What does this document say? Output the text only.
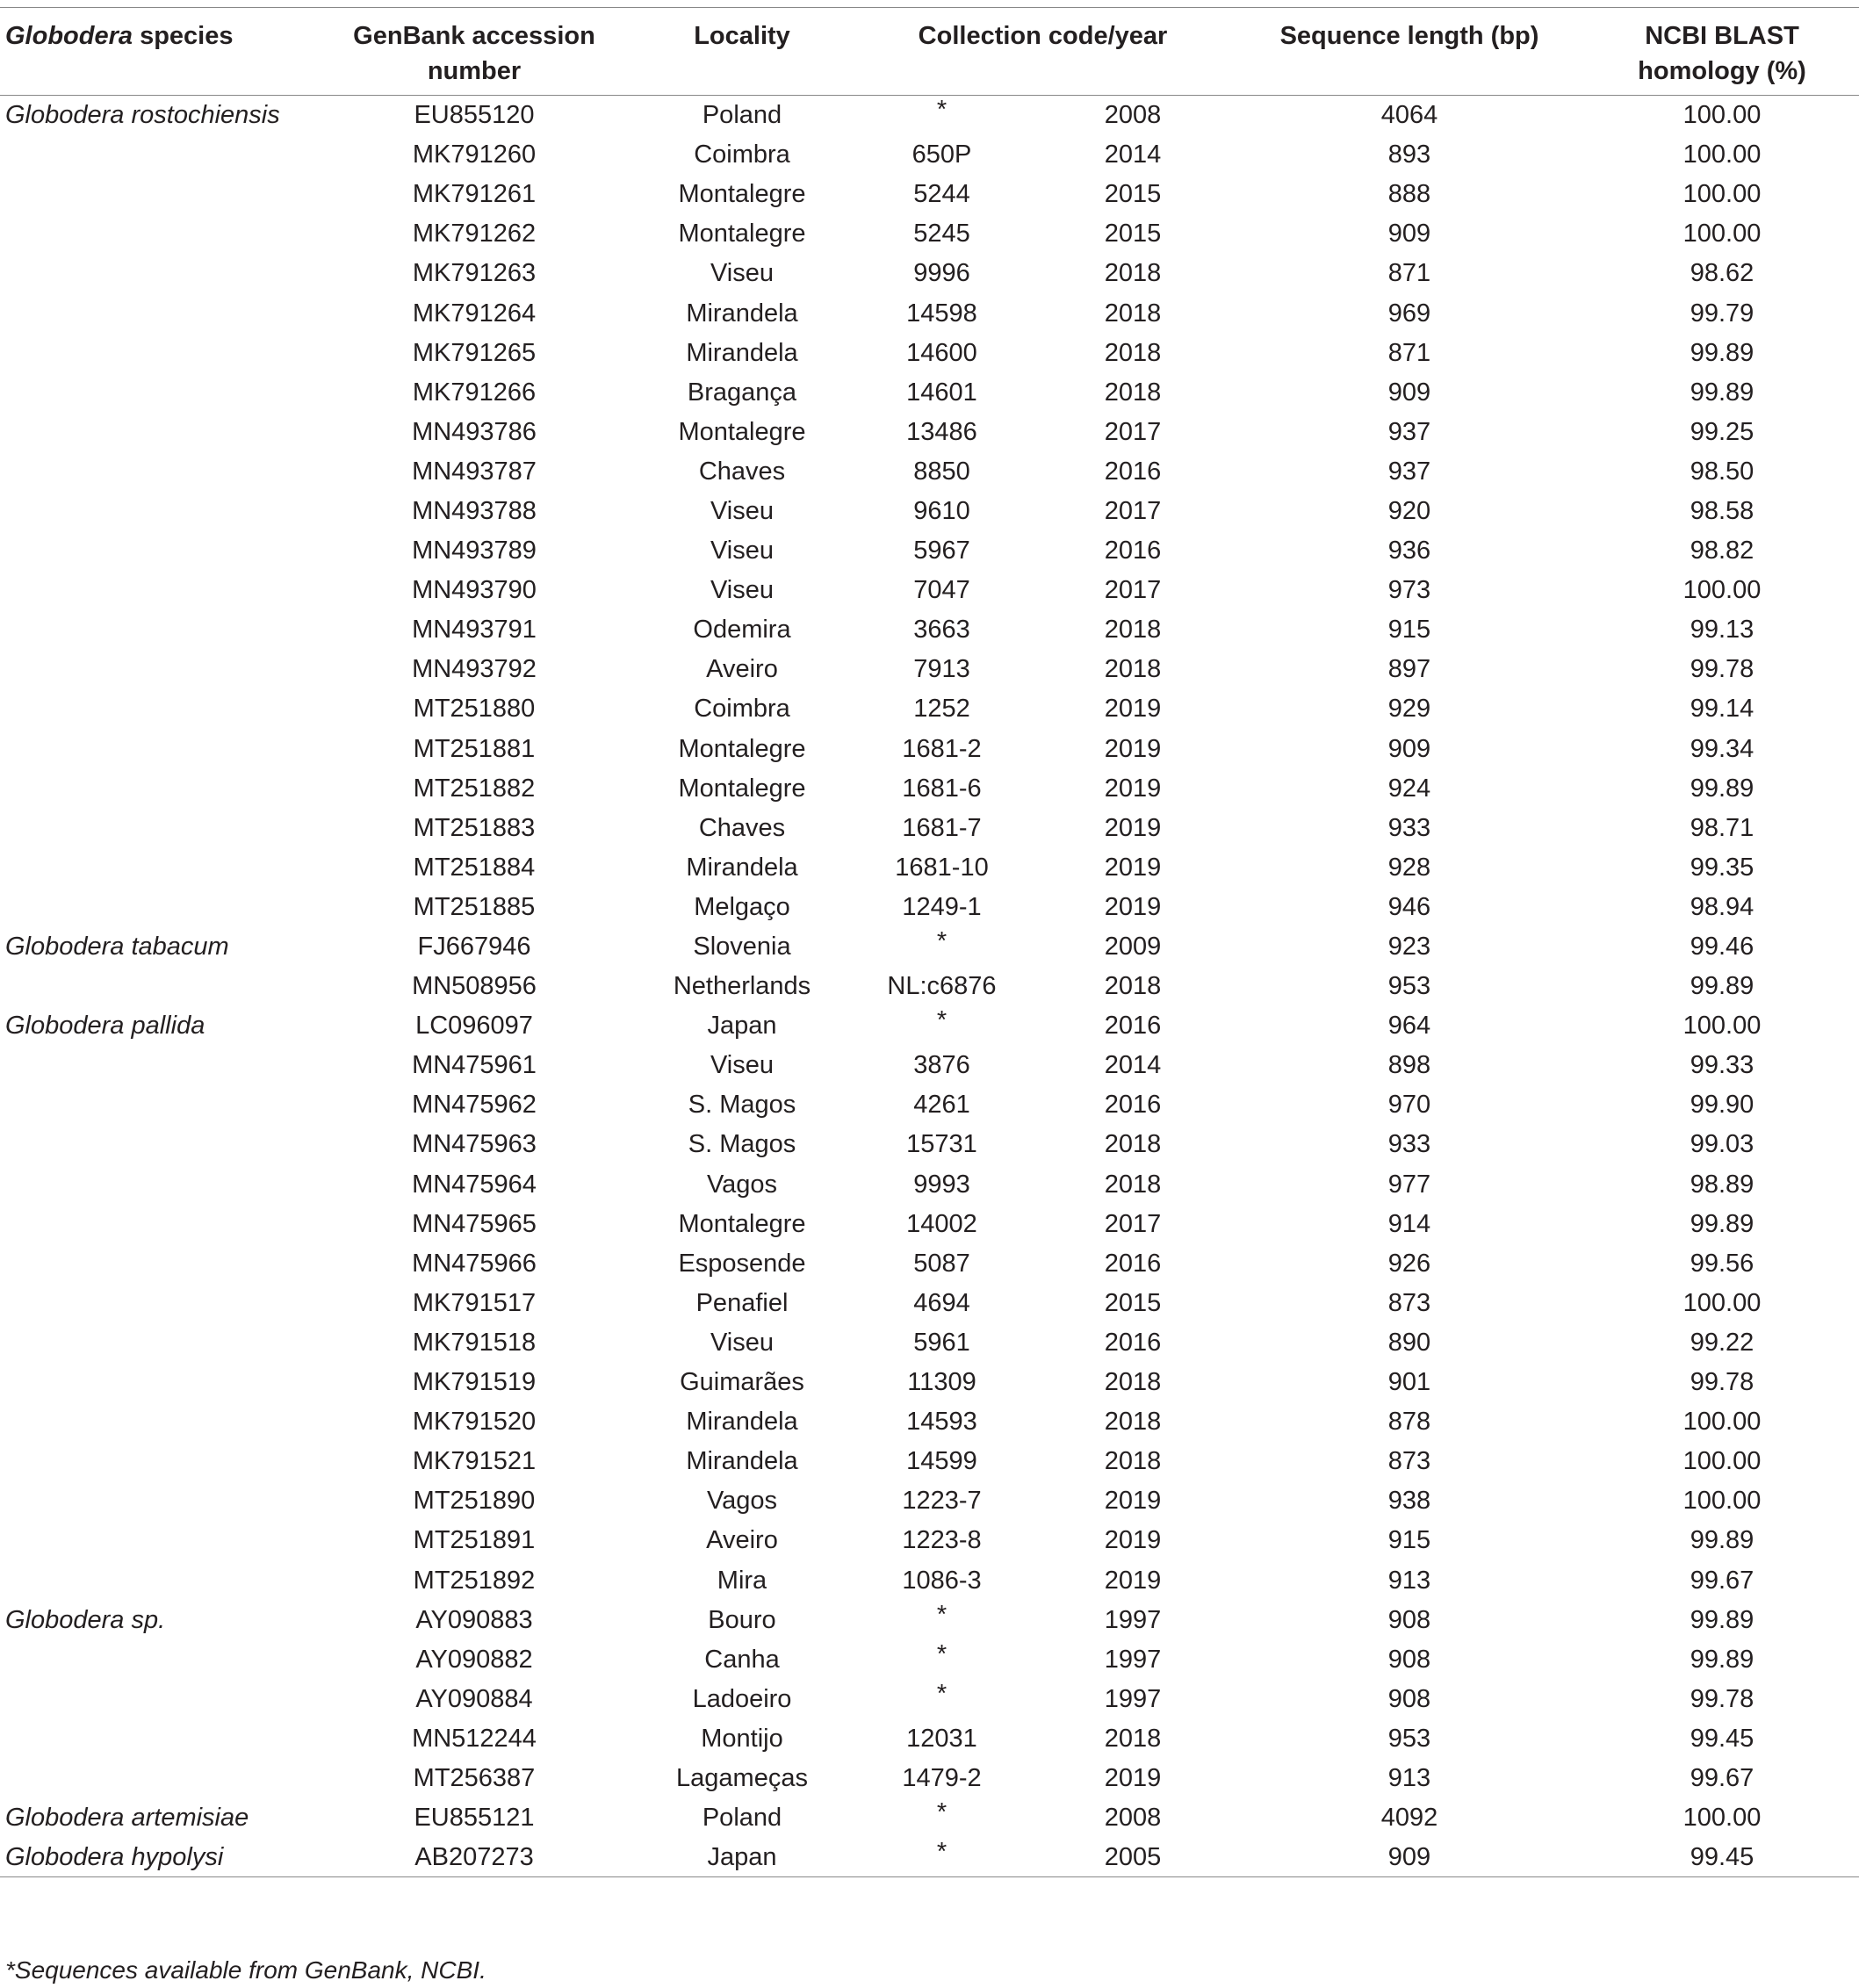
Globodera species	GenBank accession number	Locality	Collection code/year		Sequence length (bp)	NCBI BLAST homology (%)
Globodera rostochiensis	EU855120	Poland	*	2008	4064	100.00
	MK791260	Coimbra	650P	2014	893	100.00
	MK791261	Montalegre	5244	2015	888	100.00
	MK791262	Montalegre	5245	2015	909	100.00
	MK791263	Viseu	9996	2018	871	98.62
	MK791264	Mirandela	14598	2018	969	99.79
	MK791265	Mirandela	14600	2018	871	99.89
	MK791266	Bragança	14601	2018	909	99.89
	MN493786	Montalegre	13486	2017	937	99.25
	MN493787	Chaves	8850	2016	937	98.50
	MN493788	Viseu	9610	2017	920	98.58
	MN493789	Viseu	5967	2016	936	98.82
	MN493790	Viseu	7047	2017	973	100.00
	MN493791	Odemira	3663	2018	915	99.13
	MN493792	Aveiro	7913	2018	897	99.78
	MT251880	Coimbra	1252	2019	929	99.14
	MT251881	Montalegre	1681-2	2019	909	99.34
	MT251882	Montalegre	1681-6	2019	924	99.89
	MT251883	Chaves	1681-7	2019	933	98.71
	MT251884	Mirandela	1681-10	2019	928	99.35
	MT251885	Melgaço	1249-1	2019	946	98.94
Globodera tabacum	FJ667946	Slovenia	*	2009	923	99.46
	MN508956	Netherlands	NL:c6876	2018	953	99.89
Globodera pallida	LC096097	Japan	*	2016	964	100.00
	MN475961	Viseu	3876	2014	898	99.33
	MN475962	S. Magos	4261	2016	970	99.90
	MN475963	S. Magos	15731	2018	933	99.03
	MN475964	Vagos	9993	2018	977	98.89
	MN475965	Montalegre	14002	2017	914	99.89
	MN475966	Esposende	5087	2016	926	99.56
	MK791517	Penafiel	4694	2015	873	100.00
	MK791518	Viseu	5961	2016	890	99.22
	MK791519	Guimarães	11309	2018	901	99.78
	MK791520	Mirandela	14593	2018	878	100.00
	MK791521	Mirandela	14599	2018	873	100.00
	MT251890	Vagos	1223-7	2019	938	100.00
	MT251891	Aveiro	1223-8	2019	915	99.89
	MT251892	Mira	1086-3	2019	913	99.67
Globodera sp.	AY090883	Bouro	*	1997	908	99.89
	AY090882	Canha	*	1997	908	99.89
	AY090884	Ladoeiro	*	1997	908	99.78
	MN512244	Montijo	12031	2018	953	99.45
	MT256387	Lagameças	1479-2	2019	913	99.67
Globodera artemisiae	EU855121	Poland	*	2008	4092	100.00
Globodera hypolysi	AB207273	Japan	*	2005	909	99.45
*Sequences available from GenBank, NCBI.
